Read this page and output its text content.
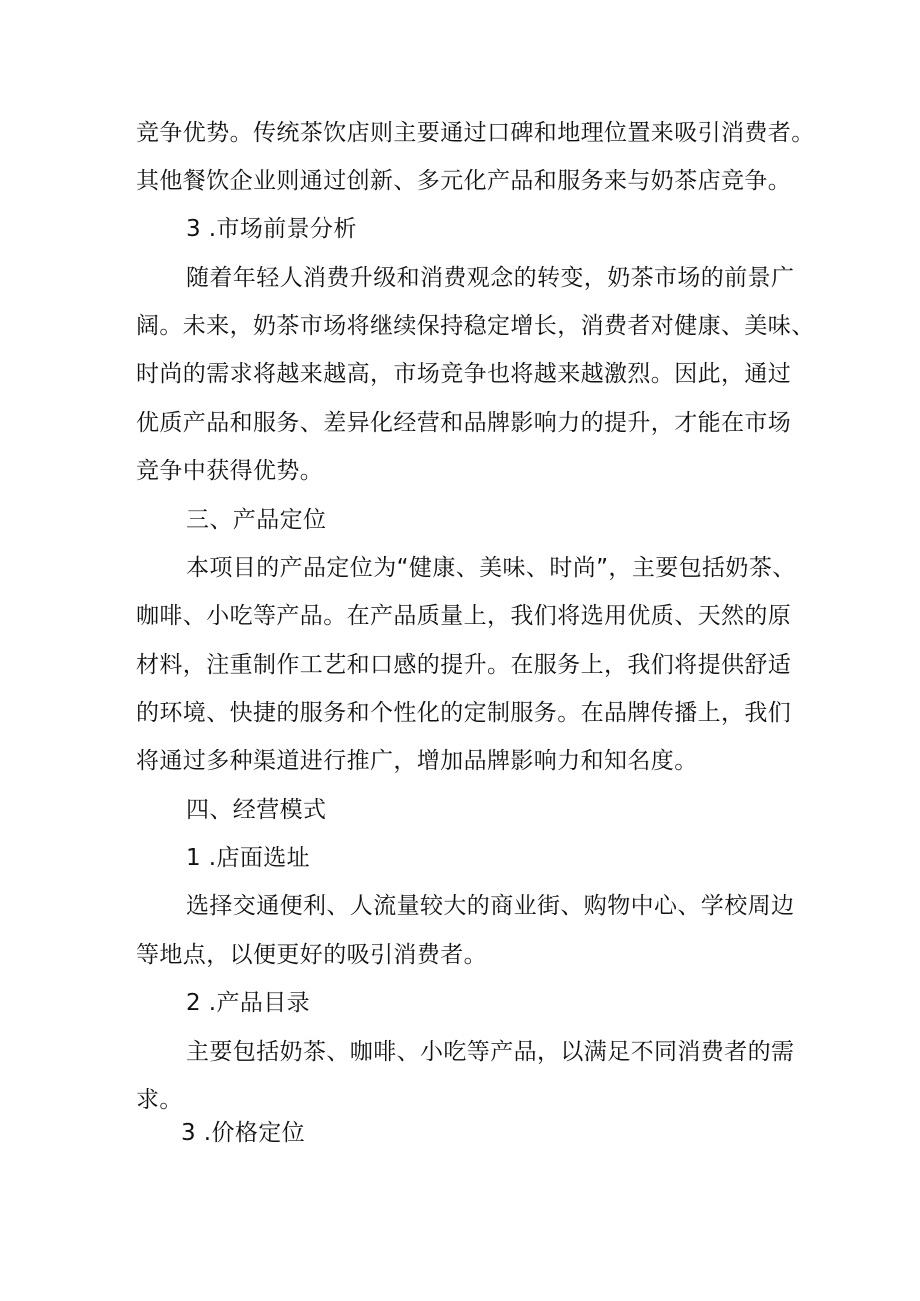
竞争优势。传统茶饮店则主要通过口碑和地理位置来吸引消费者。
其他餐饮企业则通过创新、多元化产品和服务来与奶茶店竞争。
3 .市场前景分析
随着年轻人消费升级和消费观念的转变，奶茶市场的前景广
阔。未来，奶茶市场将继续保持稳定增长，消费者对健康、美味、
时尚的需求将越来越高，市场竞争也将越来越激烈。因此，通过
优质产品和服务、差异化经营和品牌影响力的提升，才能在市场
竞争中获得优势。
三、产品定位
本项目的产品定位为“健康、美味、时尚”，主要包括奶茶、
咖啡、小吃等产品。在产品质量上，我们将选用优质、天然的原
材料，注重制作工艺和口感的提升。在服务上，我们将提供舒适
的环境、快捷的服务和个性化的定制服务。在品牌传播上，我们
将通过多种渠道进行推广，增加品牌影响力和知名度。
四、经营模式
1 .店面选址
选择交通便利、人流量较大的商业街、购物中心、学校周边
等地点，以便更好的吸引消费者。
2 .产品目录
主要包括奶茶、咖啡、小吃等产品，以满足不同消费者的需
求。
3 .价格定位
